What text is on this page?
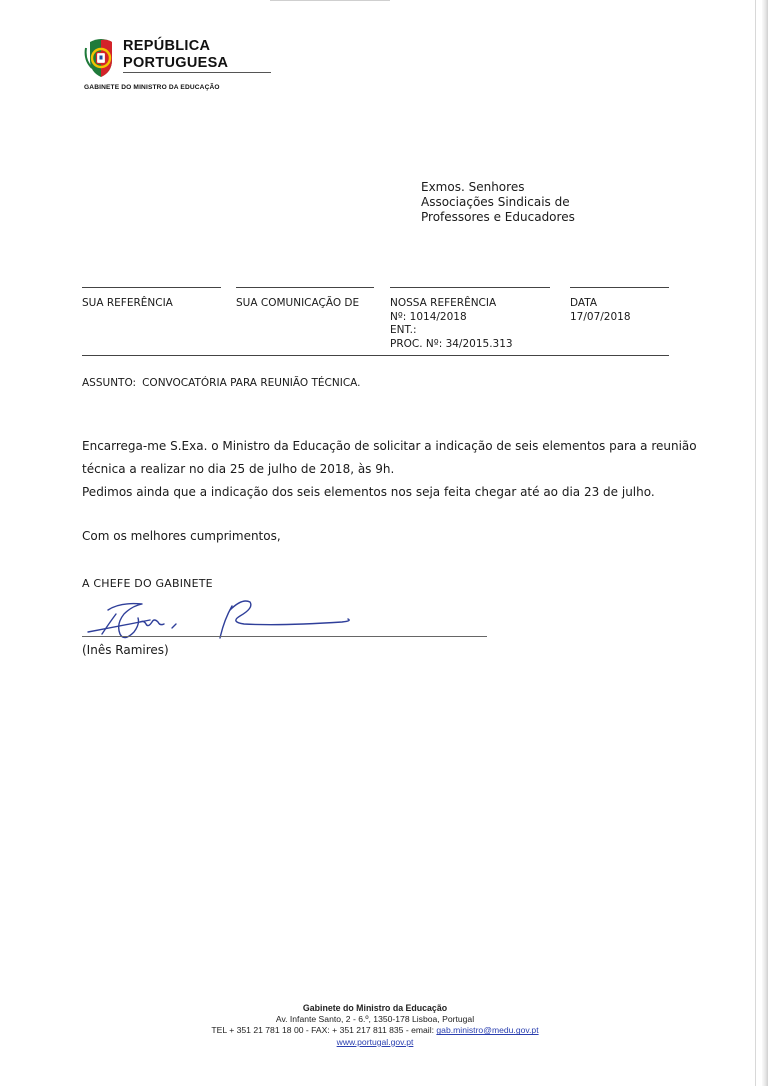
REPÚBLICA
PORTUGUESA
GABINETE DO MINISTRO DA EDUCAÇÃO
Exmos. Senhores
Associações Sindicais de
Professores e Educadores
SUA REFERÊNCIA	SUA COMUNICAÇÃO DE	NOSSA REFERÊNCIA
Nº: 1014/2018
ENT.:
PROC. Nº: 34/2015.313
DATA
17/07/2018
ASSUNTO: CONVOCATÓRIA PARA REUNIÃO TÉCNICA.

Encarrega-me S.Exa. o Ministro da Educação de solicitar a indicação de seis elementos para a reunião

técnica a realizar no dia 25 de julho de 2018, às 9h.

Pedimos ainda que a indicação dos seis elementos nos seja feita chegar até ao dia 23 de julho.

Com os melhores cumprimentos,
A CHEFE DO GABINETE
(Inês Ramires)
Gabinete do Ministro da Educação
Av. Infante Santo, 2 - 6.º, 1350-178 Lisboa, Portugal
TEL + 351 21 781 18 00 - FAX: + 351 217 811 835 - email: gab.ministro@medu.gov.pt
www.portugal.gov.pt
